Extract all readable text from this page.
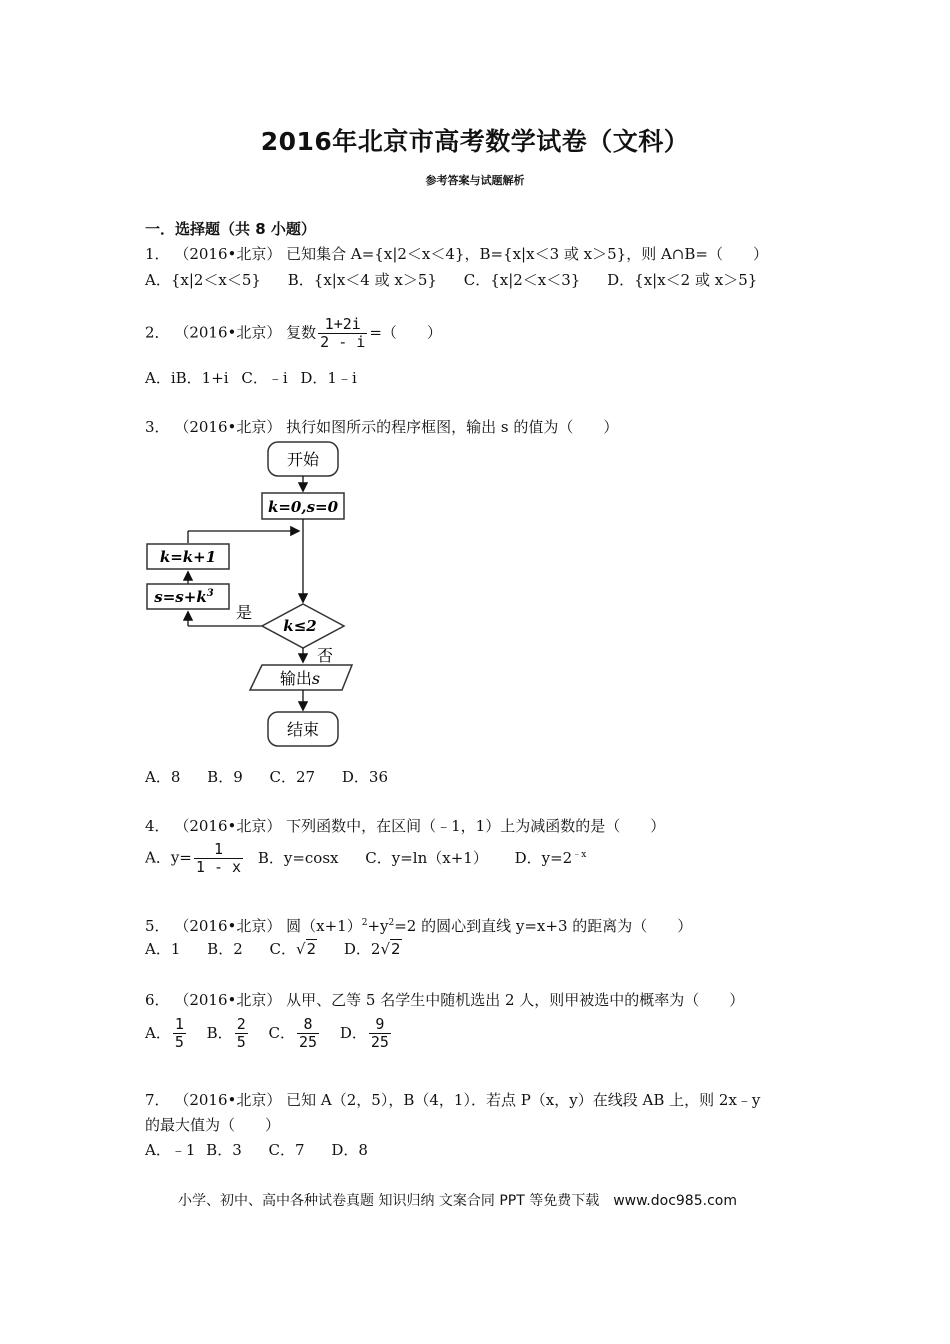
2016年北京市高考数学试卷（文科）
参考答案与试题解析
一．选择题（共 8 小题）
1． （2016•北京） 已知集合 A={x|2＜x＜4}，B={x|x＜3 或 x＞5}，则 A∩B=（　　）
A．{x|2＜x＜5} B．{x|x＜4 或 x＞5} C．{x|2＜x＜3} D．{x|x＜2 或 x＞5}
2． （2016•北京） 复数 $\frac{1+2i}{2 - i}$ =（　　）
A．iB．1+i C．﹣i D．1﹣i
3． （2016•北京） 执行如图所示的程序框图，输出 s 的值为（　　）
开始
k=0,s=0
k=k+1
$s=s+k^3$
是
k≤2
否
输出s
结束
A．8 B．9 C．27 D．36
4． （2016•北京） 下列函数中，在区间（﹣1，1）上为减函数的是（　　）
A．$y= \frac{1}{1 - x}$ B．y=cosx C．y=ln（x+1） D．$y=2^{﹣x}$
5． （2016•北京） 圆$(x+1)^2+y^2=2$ 的圆心到直线 y=x+3 的距离为（　　）
A．1 B．2 C．√2 D．2√2
6． （2016•北京） 从甲、乙等 5 名学生中随机选出 2 人，则甲被选中的概率为（　　）
A． $\frac{1}{5}$ B． $\frac{2}{5}$ C． $\frac{8}{25}$ D． $\frac{9}{25}$
7． （2016•北京） 已知 A（2，5），B（4，1）．若点 P（x，y）在线段 AB 上，则 2x﹣y
的最大值为（　　）
A．﹣1 B．3 C．7 D．8
小学、初中、高中各种试卷真题 知识归纳 文案合同 PPT 等免费下载　www.doc985.com
